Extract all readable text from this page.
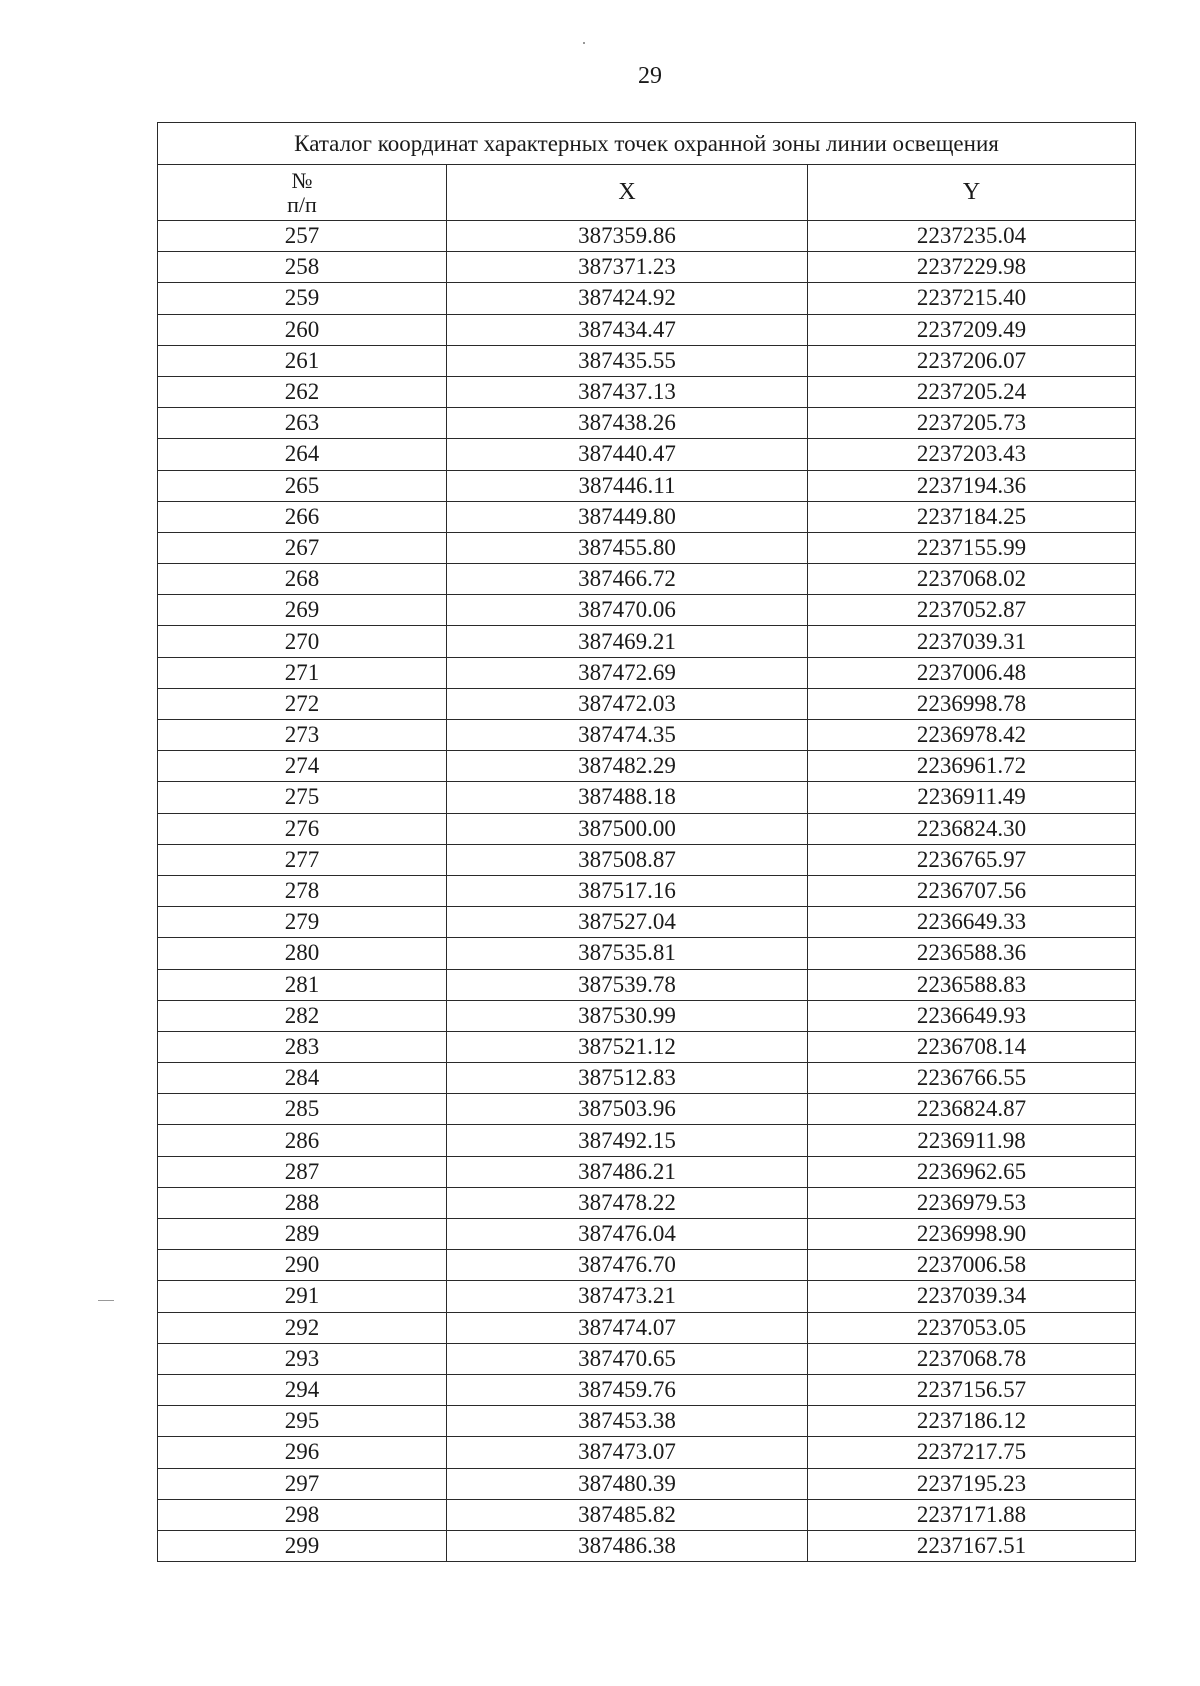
29
Каталог координат характерных точек охранной зоны линии освещения		

№
п/п	X	Y
257	387359.86	2237235.04
258	387371.23	2237229.98
259	387424.92	2237215.40
260	387434.47	2237209.49
261	387435.55	2237206.07
262	387437.13	2237205.24
263	387438.26	2237205.73
264	387440.47	2237203.43
265	387446.11	2237194.36
266	387449.80	2237184.25
267	387455.80	2237155.99
268	387466.72	2237068.02
269	387470.06	2237052.87
270	387469.21	2237039.31
271	387472.69	2237006.48
272	387472.03	2236998.78
273	387474.35	2236978.42
274	387482.29	2236961.72
275	387488.18	2236911.49
276	387500.00	2236824.30
277	387508.87	2236765.97
278	387517.16	2236707.56
279	387527.04	2236649.33
280	387535.81	2236588.36
281	387539.78	2236588.83
282	387530.99	2236649.93
283	387521.12	2236708.14
284	387512.83	2236766.55
285	387503.96	2236824.87
286	387492.15	2236911.98
287	387486.21	2236962.65
288	387478.22	2236979.53
289	387476.04	2236998.90
290	387476.70	2237006.58
291	387473.21	2237039.34
292	387474.07	2237053.05
293	387470.65	2237068.78
294	387459.76	2237156.57
295	387453.38	2237186.12
296	387473.07	2237217.75
297	387480.39	2237195.23
298	387485.82	2237171.88
299	387486.38	2237167.51
